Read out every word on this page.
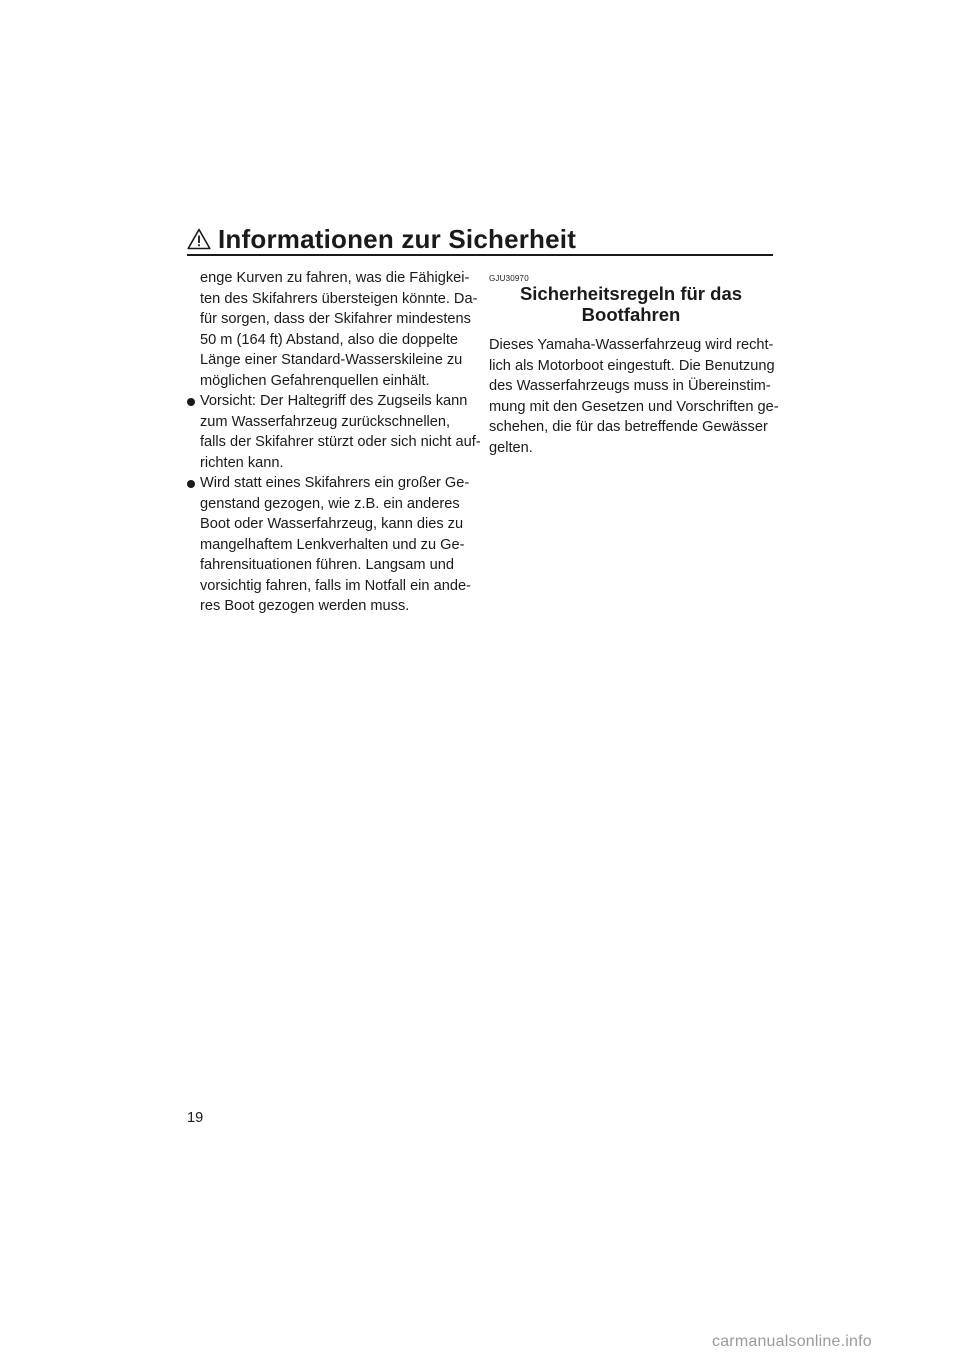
Informationen zur Sicherheit
enge Kurven zu fahren, was die Fähigkei-
ten des Skifahrers übersteigen könnte. Da-
für sorgen, dass der Skifahrer mindestens
50 m (164 ft) Abstand, also die doppelte
Länge einer Standard-Wasserskileine zu
möglichen Gefahrenquellen einhält.
Vorsicht: Der Haltegriff des Zugseils kann
zum Wasserfahrzeug zurückschnellen,
falls der Skifahrer stürzt oder sich nicht auf-
richten kann.
Wird statt eines Skifahrers ein großer Ge-
genstand gezogen, wie z.B. ein anderes
Boot oder Wasserfahrzeug, kann dies zu
mangelhaftem Lenkverhalten und zu Ge-
fahrensituationen führen. Langsam und
vorsichtig fahren, falls im Notfall ein ande-
res Boot gezogen werden muss.
GJU30970
Sicherheitsregeln für das
Bootfahren
Dieses Yamaha-Wasserfahrzeug wird recht-
lich als Motorboot eingestuft. Die Benutzung
des Wasserfahrzeugs muss in Übereinstim-
mung mit den Gesetzen und Vorschriften ge-
schehen, die für das betreffende Gewässer
gelten.
19
carmanualsonline.info
